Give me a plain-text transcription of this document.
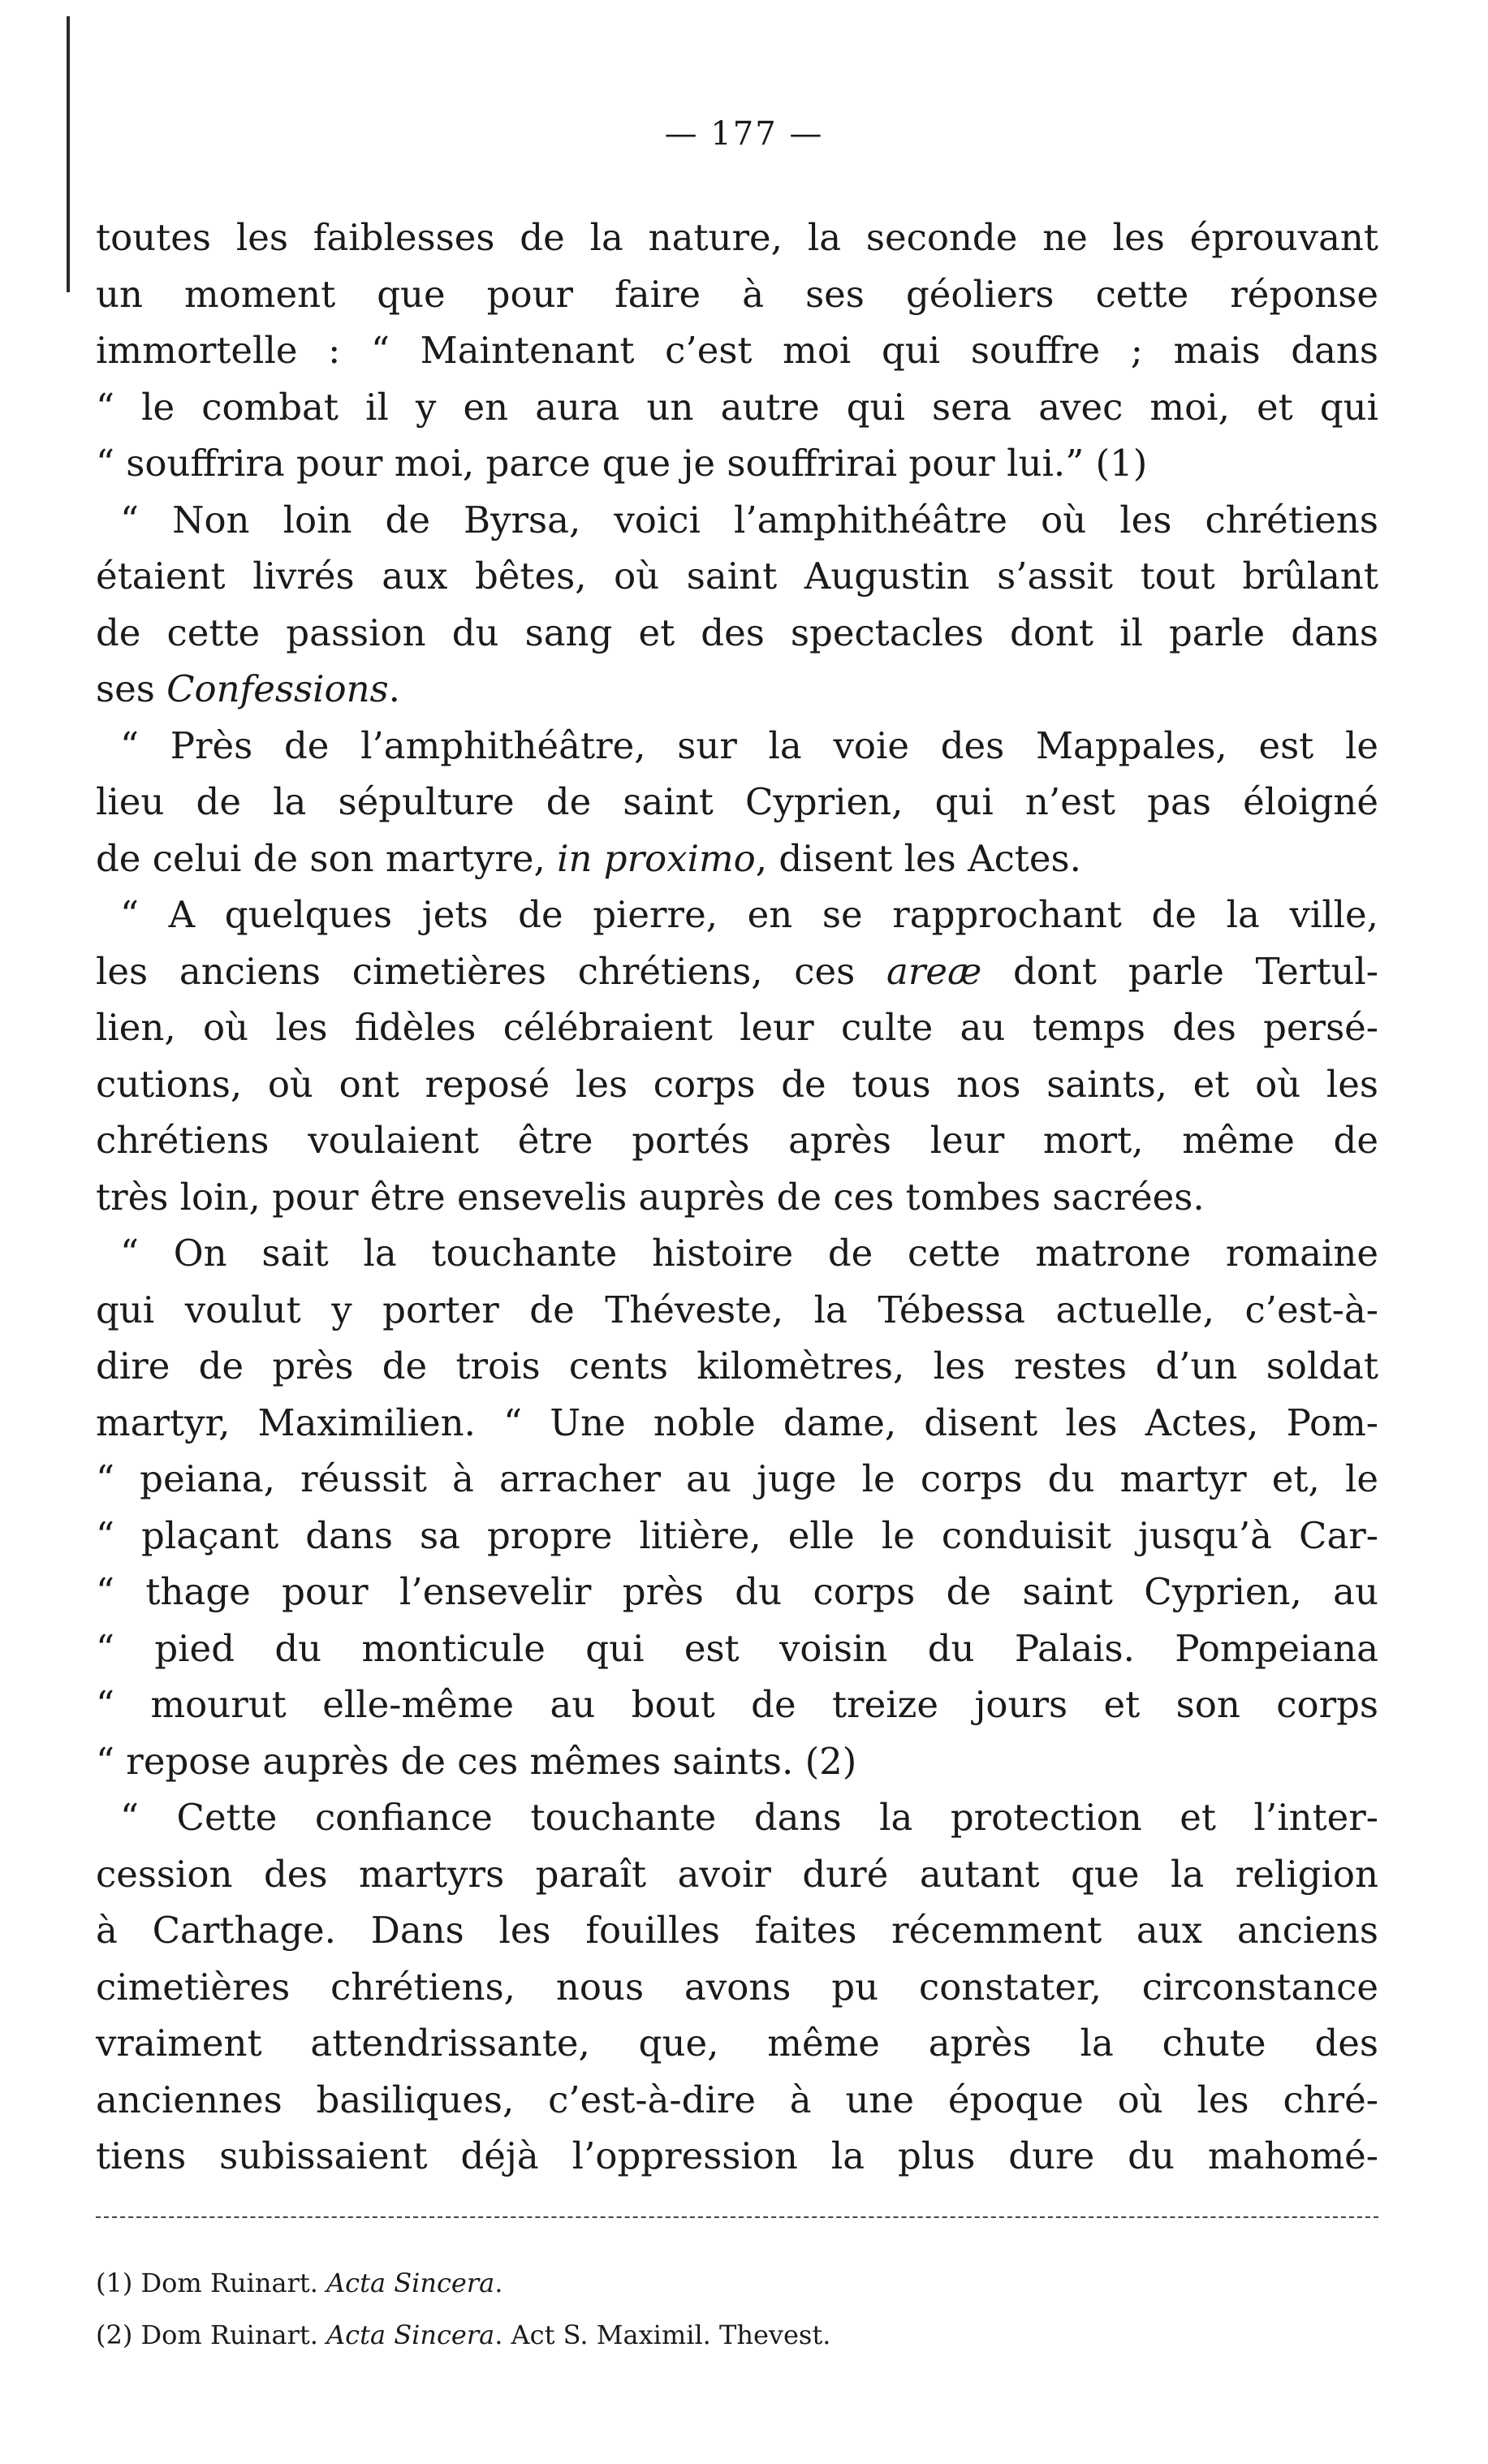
— 177 —
toutes les faiblesses de la nature, la seconde ne les éprouvant
un moment que pour faire à ses géoliers cette réponse
immortelle : “ Maintenant c’est moi qui souffre ; mais dans
“ le combat il y en aura un autre qui sera avec moi, et qui
“ souffrira pour moi, parce que je souffrirai pour lui.” (1)
“ Non loin de Byrsa, voici l’amphithéâtre où les chrétiens
étaient livrés aux bêtes, où saint Augustin s’assit tout brûlant
de cette passion du sang et des spectacles dont il parle dans
ses Confessions.
“ Près de l’amphithéâtre, sur la voie des Mappales, est le
lieu de la sépulture de saint Cyprien, qui n’est pas éloigné
de celui de son martyre, in proximo, disent les Actes.
“ A quelques jets de pierre, en se rapprochant de la ville,
les anciens cimetières chrétiens, ces areæ dont parle Tertul-
lien, où les fidèles célébraient leur culte au temps des persé-
cutions, où ont reposé les corps de tous nos saints, et où les
chrétiens voulaient être portés après leur mort, même de
très loin, pour être ensevelis auprès de ces tombes sacrées.
“ On sait la touchante histoire de cette matrone romaine
qui voulut y porter de Théveste, la Tébessa actuelle, c’est-à-
dire de près de trois cents kilomètres, les restes d’un soldat
martyr, Maximilien. “ Une noble dame, disent les Actes, Pom-
“ peiana, réussit à arracher au juge le corps du martyr et, le
“ plaçant dans sa propre litière, elle le conduisit jusqu’à Car-
“ thage pour l’ensevelir près du corps de saint Cyprien, au
“ pied du monticule qui est voisin du Palais. Pompeiana
“ mourut elle-même au bout de treize jours et son corps
“ repose auprès de ces mêmes saints. (2)
“ Cette confiance touchante dans la protection et l’inter-
cession des martyrs paraît avoir duré autant que la religion
à Carthage. Dans les fouilles faites récemment aux anciens
cimetières chrétiens, nous avons pu constater, circonstance
vraiment attendrissante, que, même après la chute des
anciennes basiliques, c’est-à-dire à une époque où les chré-
tiens subissaient déjà l’oppression la plus dure du mahomé-
(1) Dom Ruinart. Acta Sincera.
(2) Dom Ruinart. Acta Sincera. Act S. Maximil. Thevest.
